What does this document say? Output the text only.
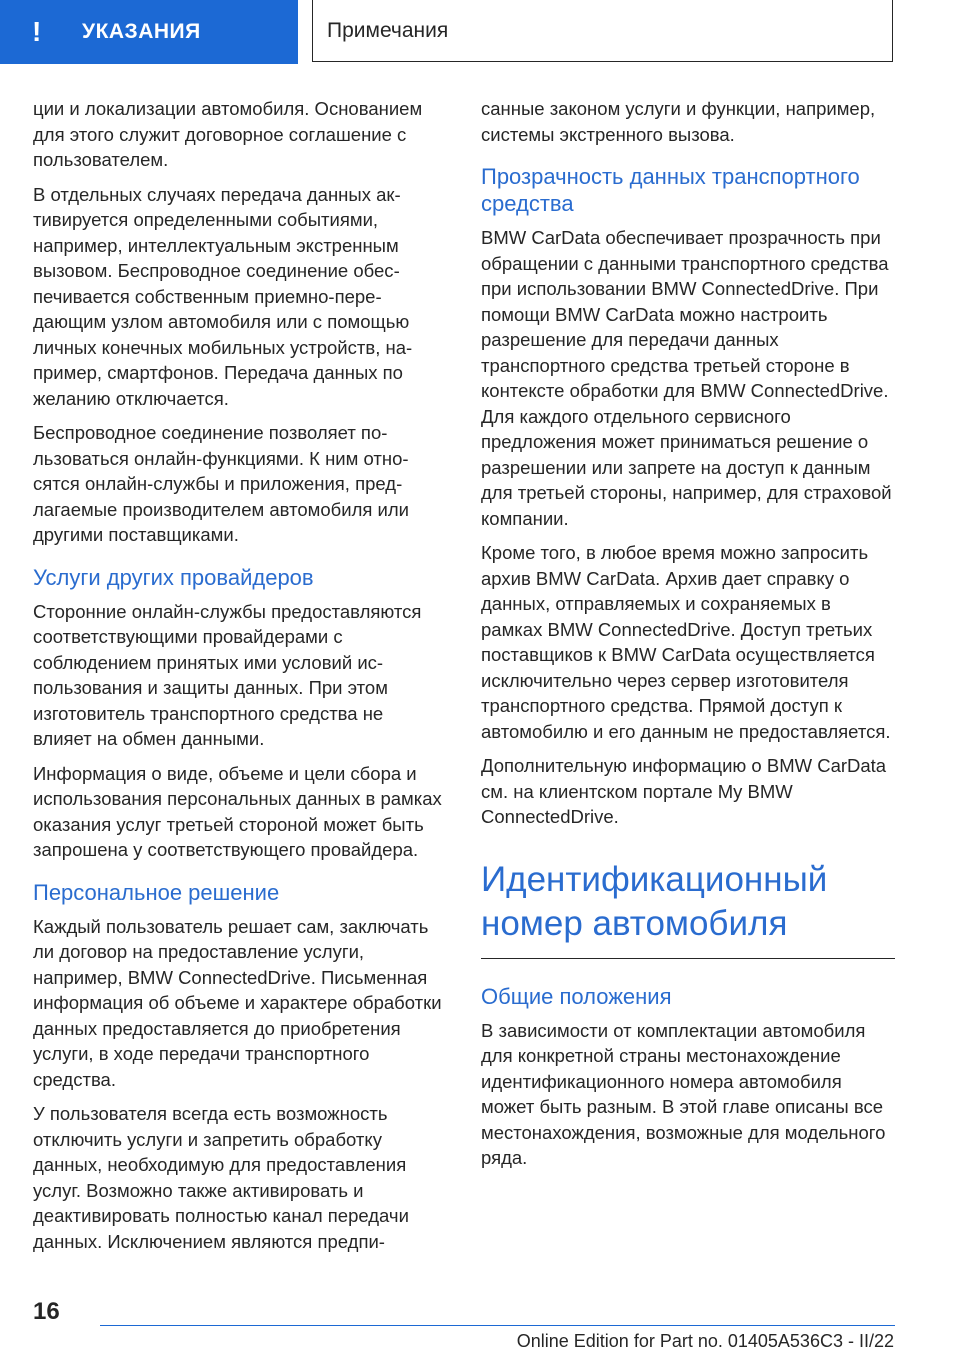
!	УКАЗАНИЯ	Примечания

ции и локализации автомобиля. Основанием для этого служит договорное соглашение с пользователем.

В отдельных случаях передача данных активируется определенными событиями, например, интеллектуальным экстренным вызовом. Беспроводное соединение обеспечивается собственным приемно-передающим узлом автомобиля или с помощью личных конечных мобильных устройств, например, смартфонов. Передача данных по желанию отключается.

Беспроводное соединение позволяет пользоваться онлайн-функциями. К ним относятся онлайн-службы и приложения, предлагаемые производителем автомобиля или другими поставщиками.

Услуги других провайдеров

Сторонние онлайн-службы предоставляются соответствующими провайдерами с соблюдением принятых ими условий использования и защиты данных. При этом изготовитель транспортного средства не влияет на обмен данными.

Информация о виде, объеме и цели сбора и использования персональных данных в рамках оказания услуг третьей стороной может быть запрошена у соответствующего провайдера.

Персональное решение

Каждый пользователь решает сам, заключать ли договор на предоставление услуги, например, BMW ConnectedDrive. Письменная информация об объеме и характере обработки данных предоставляется до приобретения услуги, в ходе передачи транспортного средства.

У пользователя всегда есть возможность отключить услуги и запретить обработку данных, необходимую для предоставления услуг. Возможно также активировать и деактивировать полностью канал передачи данных. Исключением являются предпи-

санные законом услуги и функции, например, системы экстренного вызова.

Прозрачность данных транспортного средства

BMW CarData обеспечивает прозрачность при обращении с данными транспортного средства при использовании BMW ConnectedDrive. При помощи BMW CarData можно настроить разрешение для передачи данных транспортного средства третьей стороне в контексте обработки для BMW ConnectedDrive. Для каждого отдельного сервисного предложения может приниматься решение о разрешении или запрете на доступ к данным для третьей стороны, например, для страховой компании.

Кроме того, в любое время можно запросить архив BMW CarData. Архив дает справку о данных, отправляемых и сохраняемых в рамках BMW ConnectedDrive. Доступ третьих поставщиков к BMW CarData осуществляется исключительно через сервер изготовителя транспортного средства. Прямой доступ к автомобилю и его данным не предоставляется.

Дополнительную информацию о BMW CarData см. на клиентском портале My BMW ConnectedDrive.

Идентификационный номер автомобиля
Общие положения

В зависимости от комплектации автомобиля для конкретной страны местонахождение идентификационного номера автомобиля может быть разным. В этой главе описаны все местонахождения, возможные для модельного ряда.

16
Online Edition for Part no. 01405A536C3 - II/22
